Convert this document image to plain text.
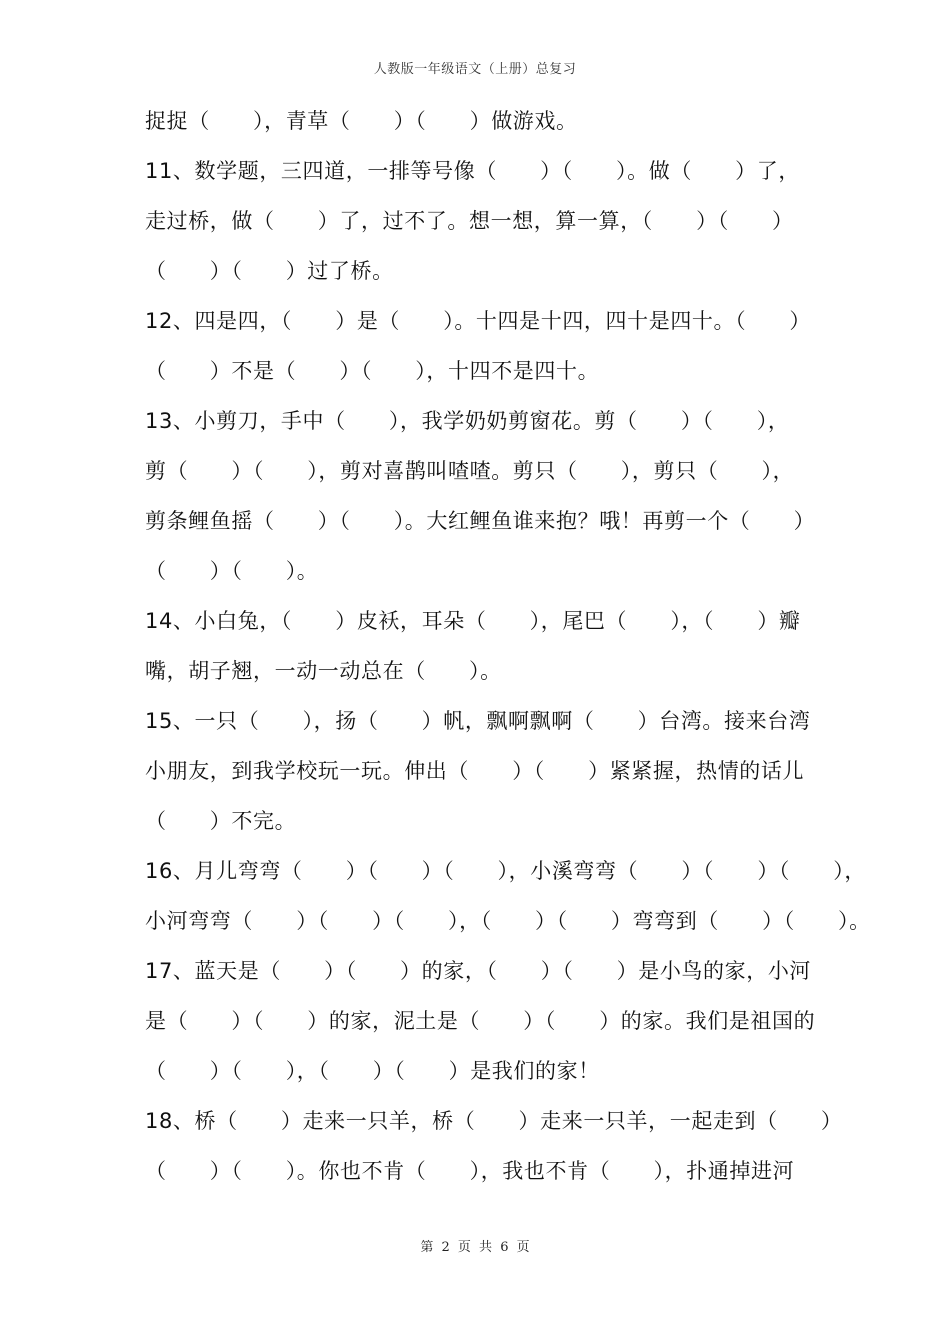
人教版一年级语文（上册）总复习
捉捉（　　），青草（　　）（　　）做游戏。
11、数学题，三四道，一排等号像（　　）（　　）。做（　　）了，
走过桥，做（　　）了，过不了。想一想，算一算，（　　）（　　）
（　　）（　　）过了桥。
12、四是四，（　　）是（　　）。十四是十四，四十是四十。（　　）
（　　）不是（　　）（　　），十四不是四十。
13、小剪刀，手中（　　），我学奶奶剪窗花。剪（　　）（　　），
剪（　　）（　　），剪对喜鹊叫喳喳。剪只（　　），剪只（　　），
剪条鲤鱼摇（　　）（　　）。大红鲤鱼谁来抱？哦！再剪一个（　　）
（　　）（　　）。
14、小白兔，（　　）皮袄，耳朵（　　），尾巴（　　），（　　）瓣
嘴，胡子翘，一动一动总在（　　）。
15、一只（　　），扬（　　）帆，飘啊飘啊（　　）台湾。接来台湾
小朋友，到我学校玩一玩。伸出（　　）（　　）紧紧握，热情的话儿
（　　）不完。
16、月儿弯弯（　　）（　　）（　　），小溪弯弯（　　）（　　）（　　），
小河弯弯（　　）（　　）（　　），（　　）（　　）弯弯到（　　）（　　）。
17、蓝天是（　　）（　　）的家，（　　）（　　）是小鸟的家，小河
是（　　）（　　）的家，泥土是（　　）（　　）的家。我们是祖国的
（　　）（　　），（　　）（　　）是我们的家！
18、桥（　　）走来一只羊，桥（　　）走来一只羊，一起走到（　　）
（　　）（　　）。你也不肯（　　），我也不肯（　　），扑通掉进河
第 2 页 共 6 页
